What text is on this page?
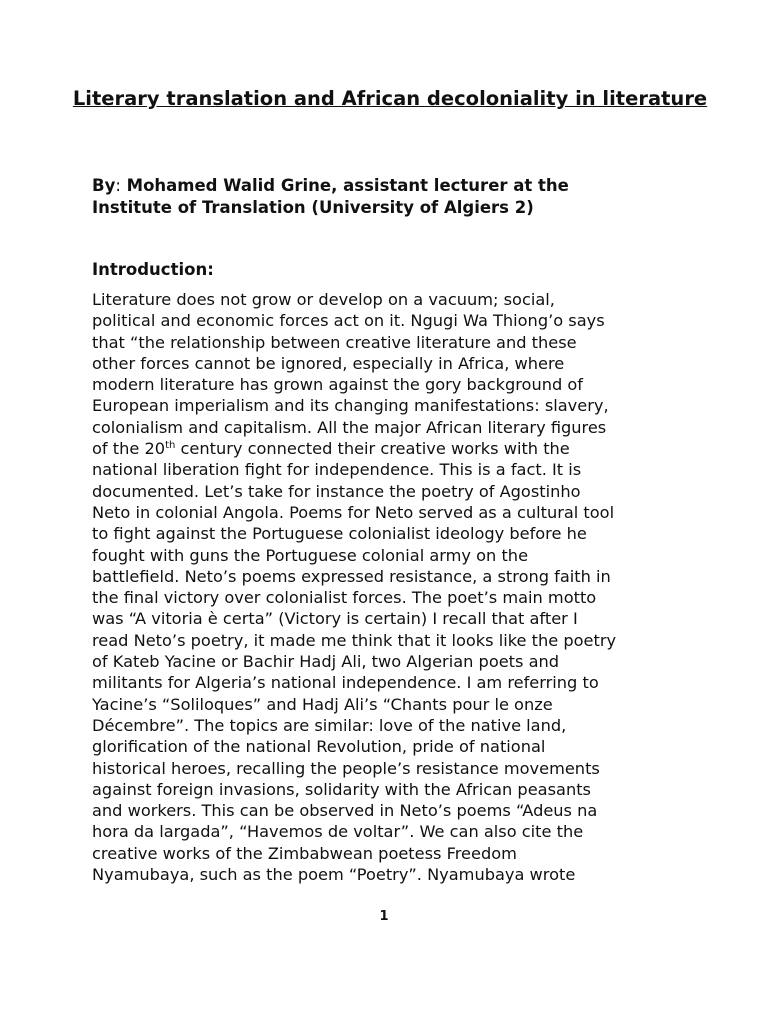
Literary translation and African decoloniality in literature

By: Mohamed Walid Grine, assistant lecturer at the
Institute of Translation (University of Algiers 2)

Introduction:
Literature does not grow or develop on a vacuum; social,
political and economic forces act on it. Ngugi Wa Thiong’o says
that “the relationship between creative literature and these
other forces cannot be ignored, especially in Africa, where
modern literature has grown against the gory background of
European imperialism and its changing manifestations: slavery,
colonialism and capitalism. All the major African literary figures
of the 20th century connected their creative works with the
national liberation fight for independence. This is a fact. It is
documented. Let’s take for instance the poetry of Agostinho
Neto in colonial Angola. Poems for Neto served as a cultural tool
to fight against the Portuguese colonialist ideology before he
fought with guns the Portuguese colonial army on the
battlefield. Neto’s poems expressed resistance, a strong faith in
the final victory over colonialist forces. The poet’s main motto
was “A vitoria è certa” (Victory is certain) I recall that after I
read Neto’s poetry, it made me think that it looks like the poetry
of Kateb Yacine or Bachir Hadj Ali, two Algerian poets and
militants for Algeria’s national independence. I am referring to
Yacine’s “Soliloques” and Hadj Ali’s “Chants pour le onze
Décembre”. The topics are similar: love of the native land,
glorification of the national Revolution, pride of national
historical heroes, recalling the people’s resistance movements
against foreign invasions, solidarity with the African peasants
and workers. This can be observed in Neto’s poems “Adeus na
hora da largada”, “Havemos de voltar”. We can also cite the
creative works of the Zimbabwean poetess Freedom
Nyamubaya, such as the poem “Poetry”. Nyamubaya wrote
1
